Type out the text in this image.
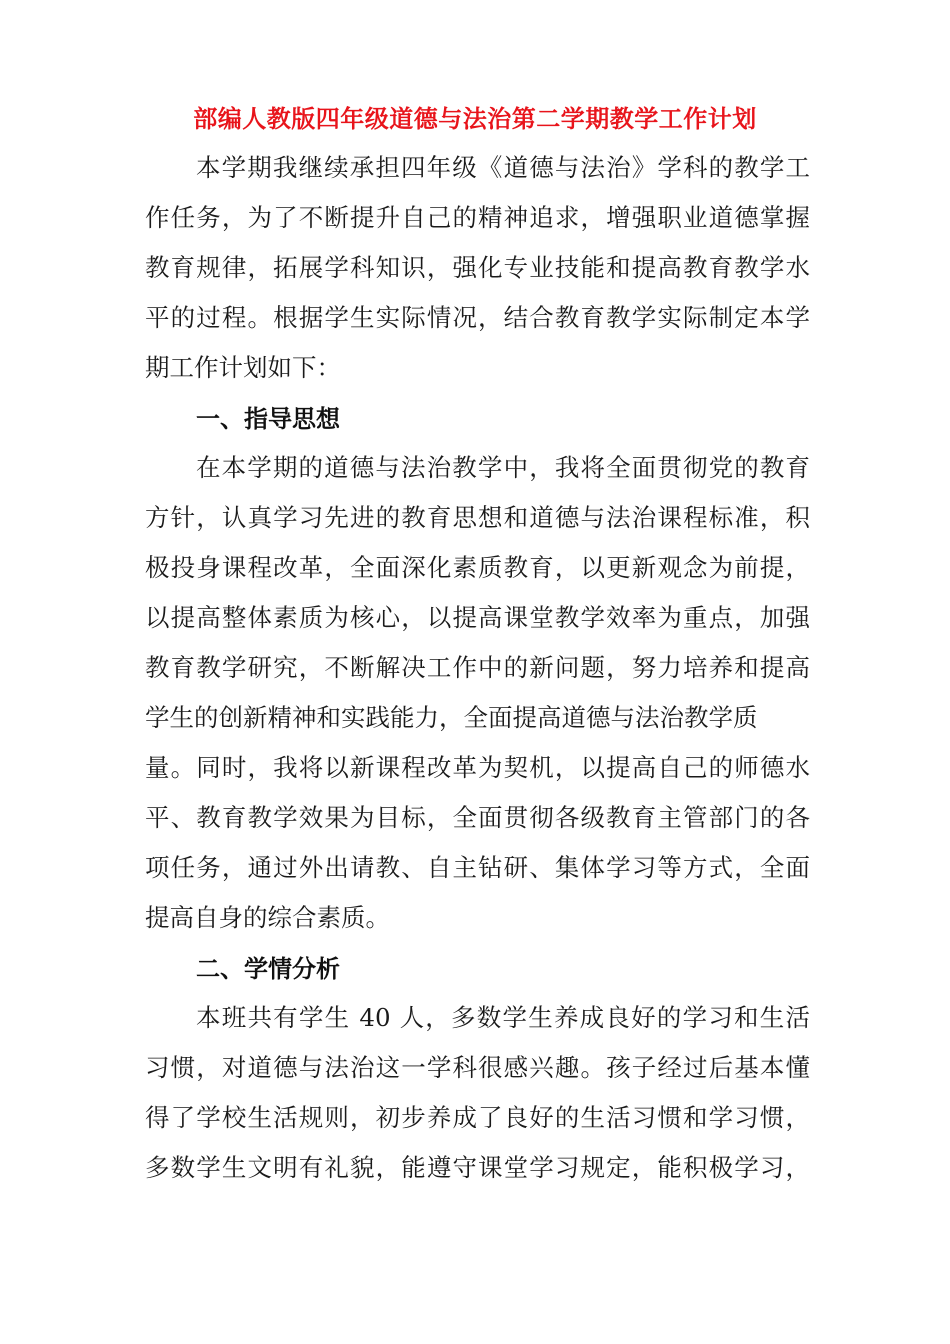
部编人教版四年级道德与法治第二学期教学工作计划
本学期我继续承担四年级《道德与法治》学科的教学工
作任务，为了不断提升自己的精神追求，增强职业道德掌握
教育规律，拓展学科知识，强化专业技能和提高教育教学水
平的过程。根据学生实际情况，结合教育教学实际制定本学
期工作计划如下：
一、指导思想
在本学期的道德与法治教学中，我将全面贯彻党的教育
方针，认真学习先进的教育思想和道德与法治课程标准，积
极投身课程改革，全面深化素质教育，以更新观念为前提，
以提高整体素质为核心，以提高课堂教学效率为重点，加强
教育教学研究，不断解决工作中的新问题，努力培养和提高
学生的创新精神和实践能力，全面提高道德与法治教学质
量。同时，我将以新课程改革为契机，以提高自己的师德水
平、教育教学效果为目标，全面贯彻各级教育主管部门的各
项任务，通过外出请教、自主钻研、集体学习等方式，全面
提高自身的综合素质。
二、学情分析
本班共有学生 40 人，多数学生养成良好的学习和生活
习惯，对道德与法治这一学科很感兴趣。孩子经过后基本懂
得了学校生活规则，初步养成了良好的生活习惯和学习惯，
多数学生文明有礼貌，能遵守课堂学习规定，能积极学习，
